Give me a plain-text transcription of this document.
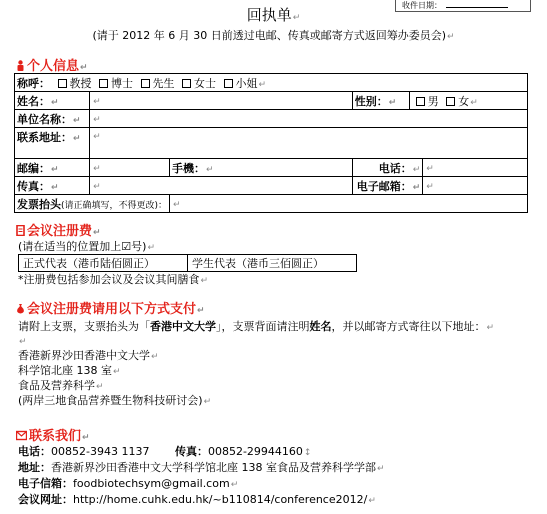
收件日期：
回执单↵
(请于 2012 年 6 月 30 日前透过电邮、传真或邮寄方式返回筹办委员会)↵
个人信息↵
称呼： 教授 博士 先生 女士 小姐↵					
姓名：↵	↵		性别：↵	男 女↵	
单位名称：↵	↵				
联系地址：↵	↵				
邮编：↵	↵	手機：↵	电话：↵		↵
传真：↵	↵		电子邮箱：↵		↵
发票抬头(请正确填写，不得更改)：		↵			
会议注册费↵
(请在适当的位置加上☑号)↵
正式代表（港币陆佰圆正）	学生代表（港币三佰圆正）
*注册费包括参加会议及会议其间膳食↵
会议注册费请用以下方式支付↵
请附上支票，支票抬头为「香港中文大学」，支票背面请注明姓名，并以邮寄方式寄往以下地址：↵
↵
香港新界沙田香港中文大学↵
科学馆北座 138 室↵
食品及营养科学↵
(两岸三地食品营养暨生物科技研讨会)↵
联系我们↵
电话：00852-3943 1137 传真：00852-29944160↕
地址：香港新界沙田香港中文大学科学馆北座 138 室食品及营养科学学部↵
电子信箱：foodbiotechsym@gmail.com↵
会议网址：http://home.cuhk.edu.hk/~b110814/conference2012/↵
